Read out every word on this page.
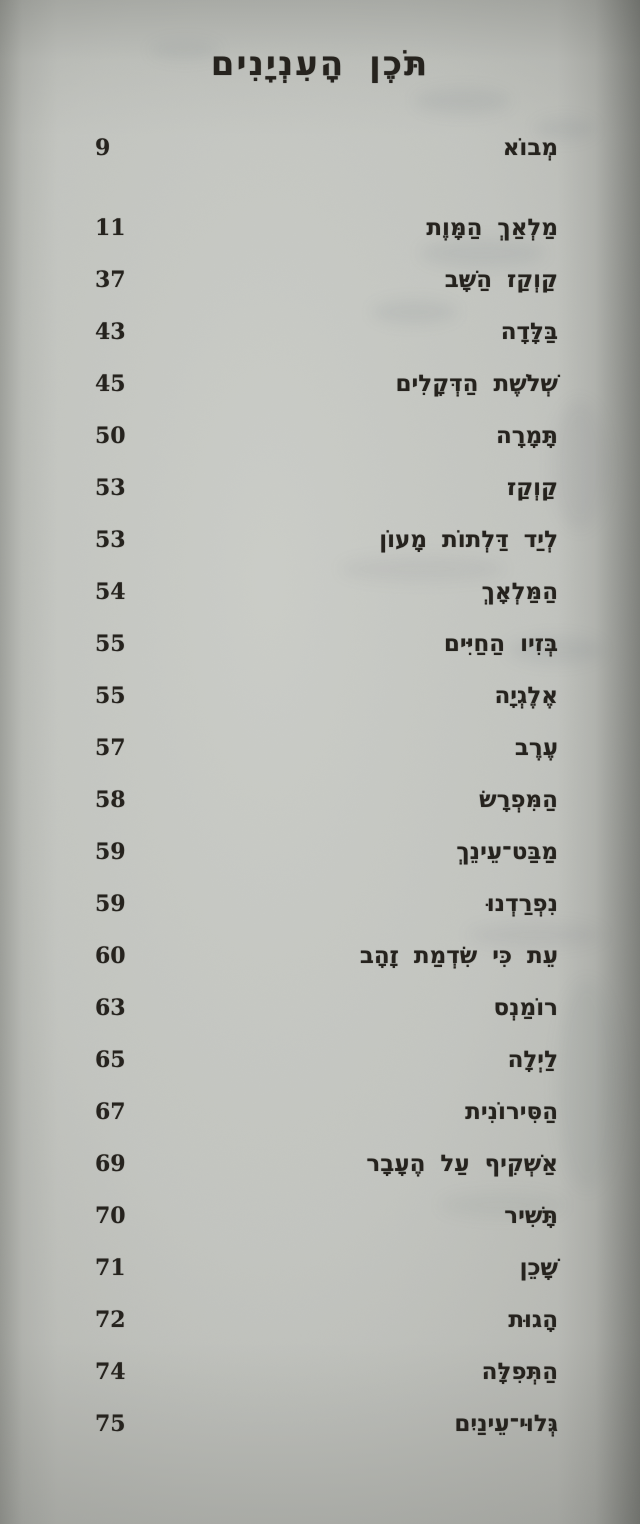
תֹּכֶן הָעִנְיָנִים
9	מְבוֹא
11	מַלְאַךְ הַמָּוֶת
37	קַוְקַז הַשָּׁב
43	בַּלָּדָה
45	שְׁלֹשֶׁת הַדְּקָלִים
50	תָּמָרָה
53	קַוְקַז
53	לְיַד דַּלְתוֹת מָעוֹן
54	הַמַּלְאָךְ
55	בְּזִיו הַחַיִּים
55	אֶלֶגְיָה
57	עֶרֶב
58	הַמִּפְרָשׂ
59	מַבַּט־עֵינֵךְ
59	נִפְרַדְנוּ
60	עֵת כִּי שִׂדְמַת זָהָב
63	רוֹמַנְס
65	לַיְלָה
67	הַסִּירוֹנִית
69	אַשְׁקִיף עַל הֶעָבָר
70	תָּשִׁיר
71	שָׁכֵן
72	הָגוּת
74	הַתְּפִלָּה
75	גְּלוּי־עֵינַיִם
